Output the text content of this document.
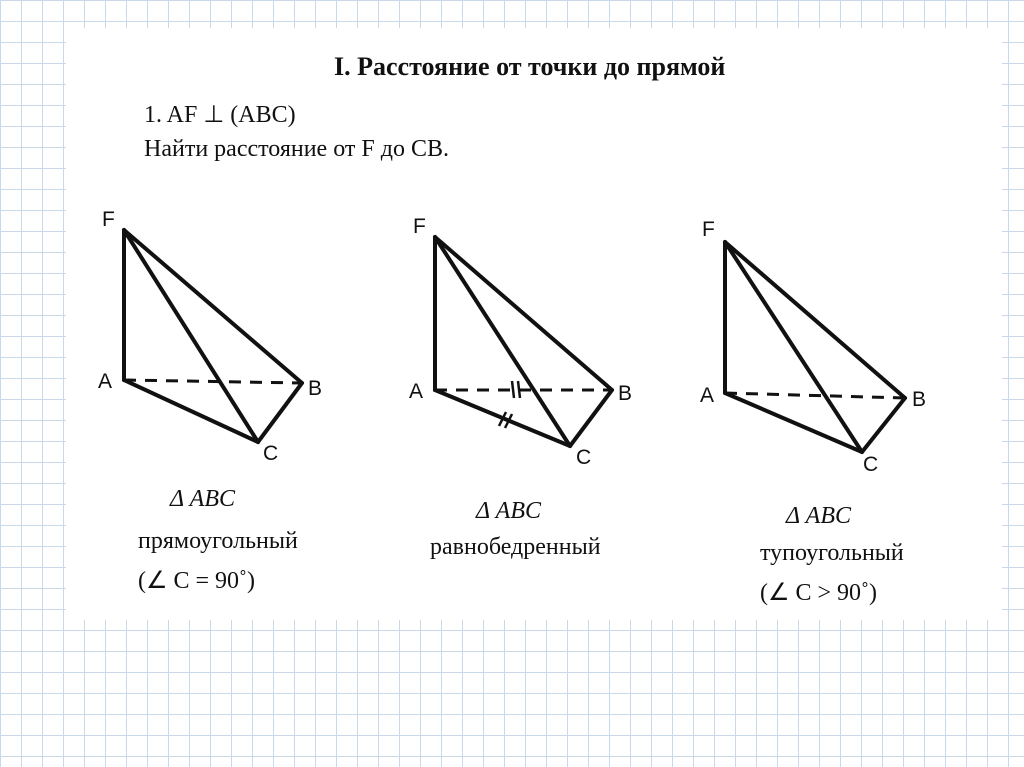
I. Расстояние от точки до прямой
1. AF ⊥ (ABC)
Найти расстояние от F до CB.
F
A	B
C
F
A	B
C
F
A	B
C
Δ ABC
прямоугольный
(∠ C = 90˚)
Δ ABC
равнобедренный
Δ ABC
тупоугольный
(∠ C > 90˚)
